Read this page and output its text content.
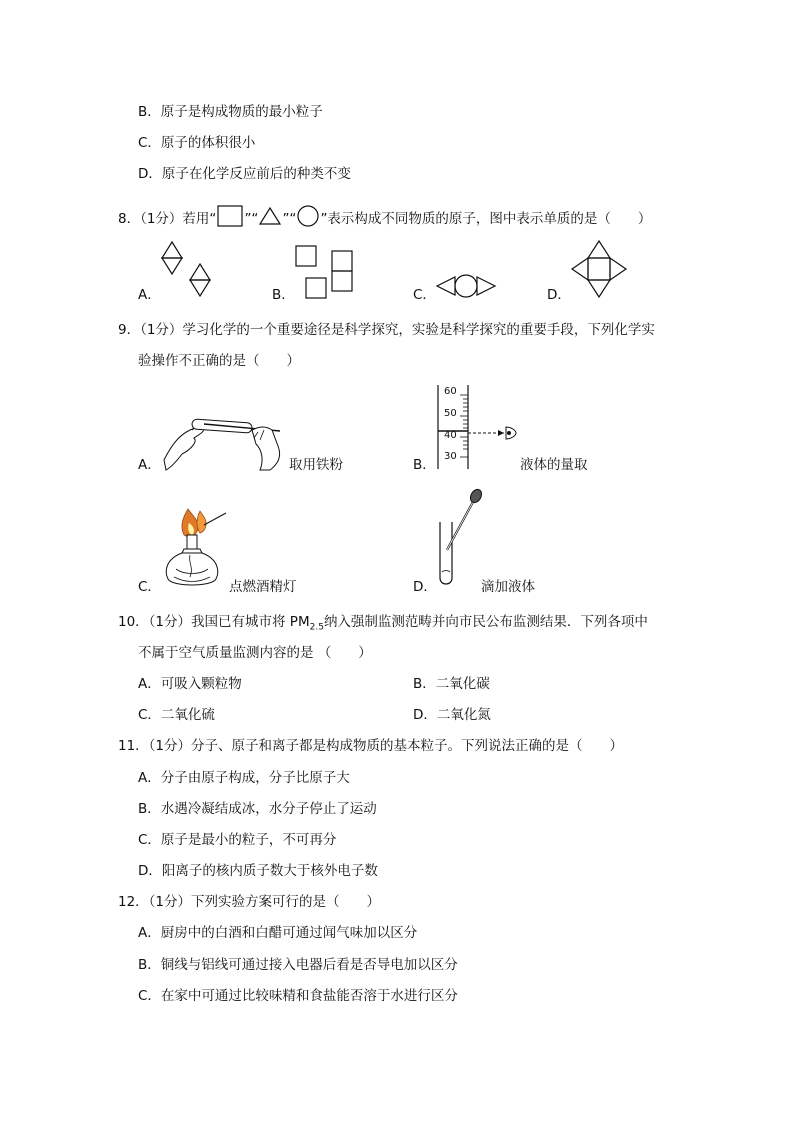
B．原子是构成物质的最小粒子
C．原子的体积很小
D．原子在化学反应前后的种类不变
8．（1分）若用“ ”“ ”“ ”表示构成不同物质的原子，图中表示单质的是（　　）
A．	B．	C．	D．
9．（1分）学习化学的一个重要途径是科学探究，实验是科学探究的重要手段，下列化学实
验操作不正确的是（　　）
A．	取用铁粉	B．
60
50
40
30
液体的量取
C．	点燃酒精灯	D．	滴加液体
10．（1分）我国已有城市将 $PM_{2.5}$纳入强制监测范畴并向市民公布监测结果．下列各项中
不属于空气质量监测内容的是 （　　）
A．可吸入颗粒物	B．二氧化碳
C．二氧化硫	D．二氧化氮
11．（1分）分子、原子和离子都是构成物质的基本粒子。下列说法正确的是（　　）
A．分子由原子构成，分子比原子大
B．水遇冷凝结成冰，水分子停止了运动
C．原子是最小的粒子，不可再分
D．阳离子的核内质子数大于核外电子数
12．（1分）下列实验方案可行的是（　　）
A．厨房中的白酒和白醋可通过闻气味加以区分
B．铜线与铝线可通过接入电器后看是否导电加以区分
C．在家中可通过比较味精和食盐能否溶于水进行区分
